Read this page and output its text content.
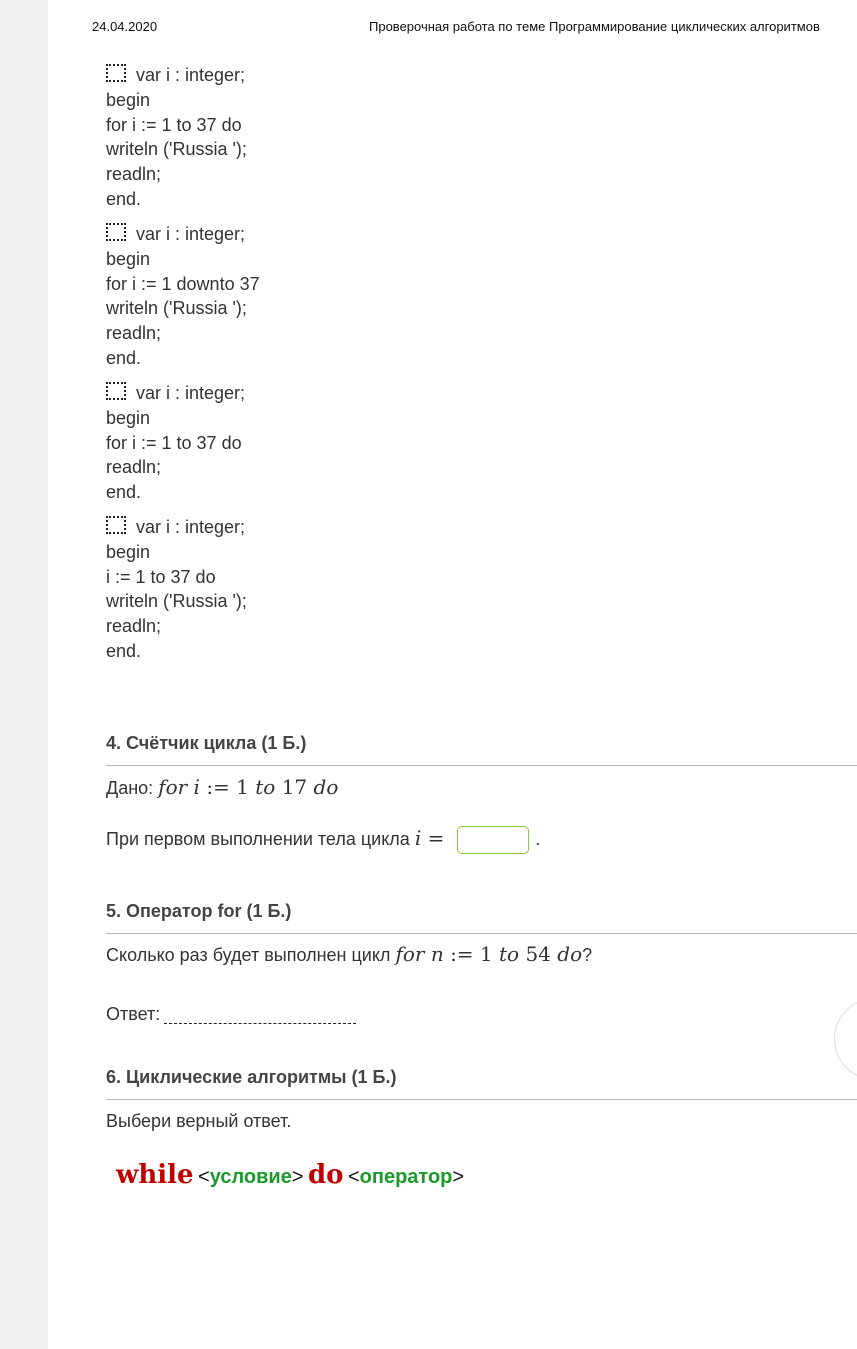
24.04.2020	Проверочная работа по теме Программирование циклических алгоритмов
var i : integer;
begin
for i := 1 to 37 do
writeln ('Russia ');
readln;
end.
var i : integer;
begin
for i := 1 downto 37
writeln ('Russia ');
readln;
end.
var i : integer;
begin
for i := 1 to 37 do
readln;
end.
var i : integer;
begin
i := 1 to 37 do
writeln ('Russia ');
readln;
end.
4. Счётчик цикла (1 Б.)
Дано: for i := 1 to 17 do
При первом выполнении тела цикла i =	.
5. Оператор for (1 Б.)
Сколько раз будет выполнен цикл for n := 1 to 54 do?
Ответ:
6. Циклические алгоритмы (1 Б.)
Выбери верный ответ.
while <условие> do <оператор>
